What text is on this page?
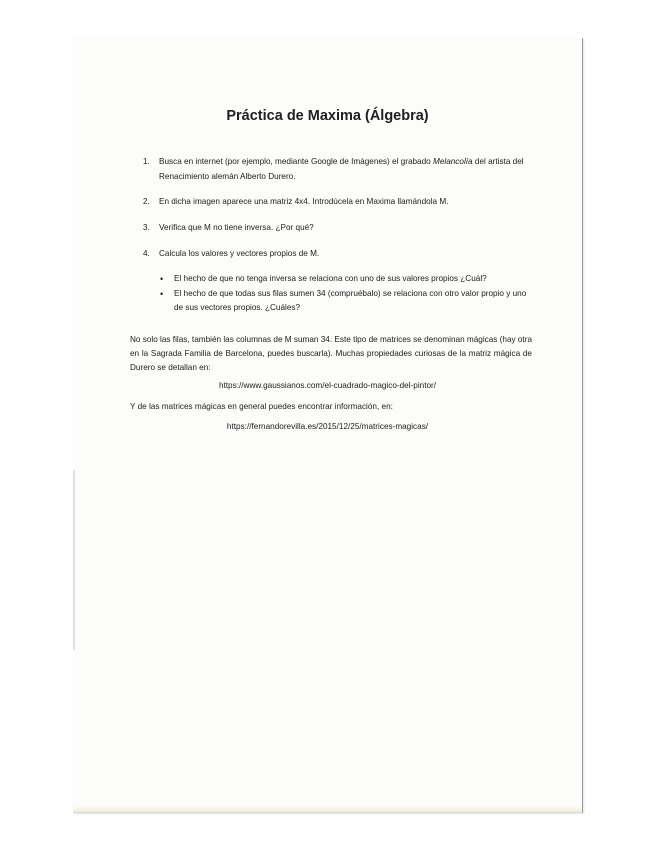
Práctica de Maxima (Álgebra)
1. Busca en internet (por ejemplo, mediante Google de Imágenes) el grabado Melancolía del artista del Renacimiento alemán Alberto Durero.
2. En dicha imagen aparece una matriz 4x4. Introdúcela en Maxima llamándola M.
3. Verifica que M no tiene inversa. ¿Por qué?
4. Calcula los valores y vectores propios de M.
• El hecho de que no tenga inversa se relaciona con uno de sus valores propios ¿Cuál?
• El hecho de que todas sus filas sumen 34 (compruébalo) se relaciona con otro valor propio y uno de sus vectores propios. ¿Cuáles?
No solo las filas, también las columnas de M suman 34. Este tipo de matrices se denominan mágicas (hay otra en la Sagrada Familia de Barcelona, puedes buscarla). Muchas propiedades curiosas de la matriz mágica de Durero se detallan en:
https://www.gaussianos.com/el-cuadrado-magico-del-pintor/
Y de las matrices mágicas en general puedes encontrar información, en:
https://fernandorevilla.es/2015/12/25/matrices-magicas/
